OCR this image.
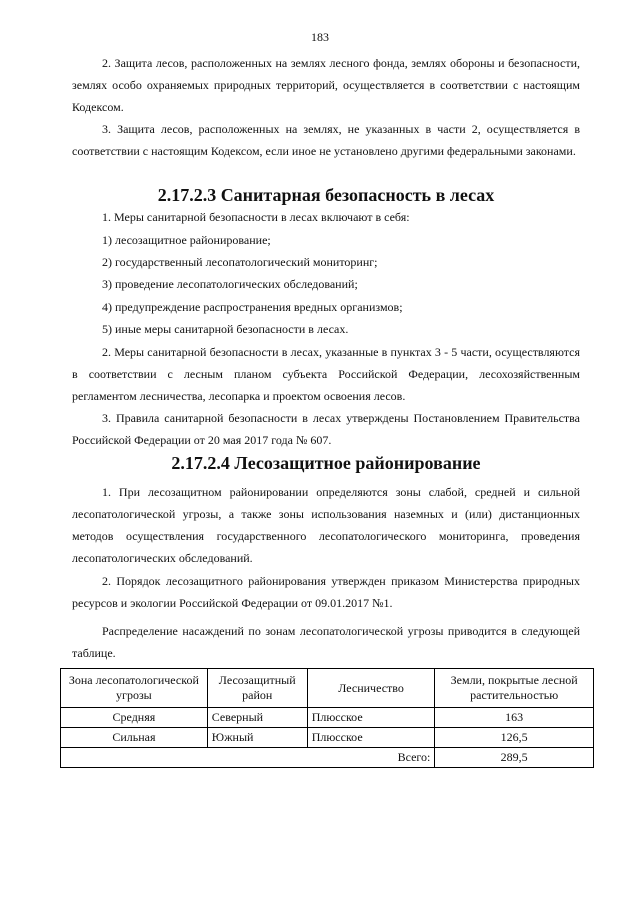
183

2. Защита лесов, расположенных на землях лесного фонда, землях обороны и безопасности, землях особо охраняемых природных территорий, осуществляется в соответствии с настоящим Кодексом.

3. Защита лесов, расположенных на землях, не указанных в части 2, осуществляется в соответствии с настоящим Кодексом, если иное не установлено другими федеральными законами.

2.17.2.3 Санитарная безопасность в лесах

1. Меры санитарной безопасности в лесах включают в себя:

1) лесозащитное районирование;

2) государственный лесопатологический мониторинг;

3) проведение лесопатологических обследований;

4) предупреждение распространения вредных организмов;

5) иные меры санитарной безопасности в лесах.

2. Меры санитарной безопасности в лесах, указанные в пунктах 3 - 5 части, осуществляются в соответствии с лесным планом субъекта Российской Федерации, лесохозяйственным регламентом лесничества, лесопарка и проектом освоения лесов.

3. Правила санитарной безопасности в лесах утверждены Постановлением Правительства Российской Федерации от 20 мая 2017 года № 607.

2.17.2.4 Лесозащитное районирование

1. При лесозащитном районировании определяются зоны слабой, средней и сильной лесопатологической угрозы, а также зоны использования наземных и (или) дистанционных методов осуществления государственного лесопатологического мониторинга, проведения лесопатологических обследований.

2. Порядок лесозащитного районирования утвержден приказом Министерства природных ресурсов и экологии Российской Федерации от 09.01.2017 №1.

Распределение насаждений по зонам лесопатологической угрозы приводится в следующей таблице.

Зона лесопатологической угрозы	Лесозащитный район	Лесничество	Земли, покрытые лесной растительностью
Средняя	Северный	Плюсское	163
Сильная	Южный	Плюсское	126,5
Всего:			289,5
